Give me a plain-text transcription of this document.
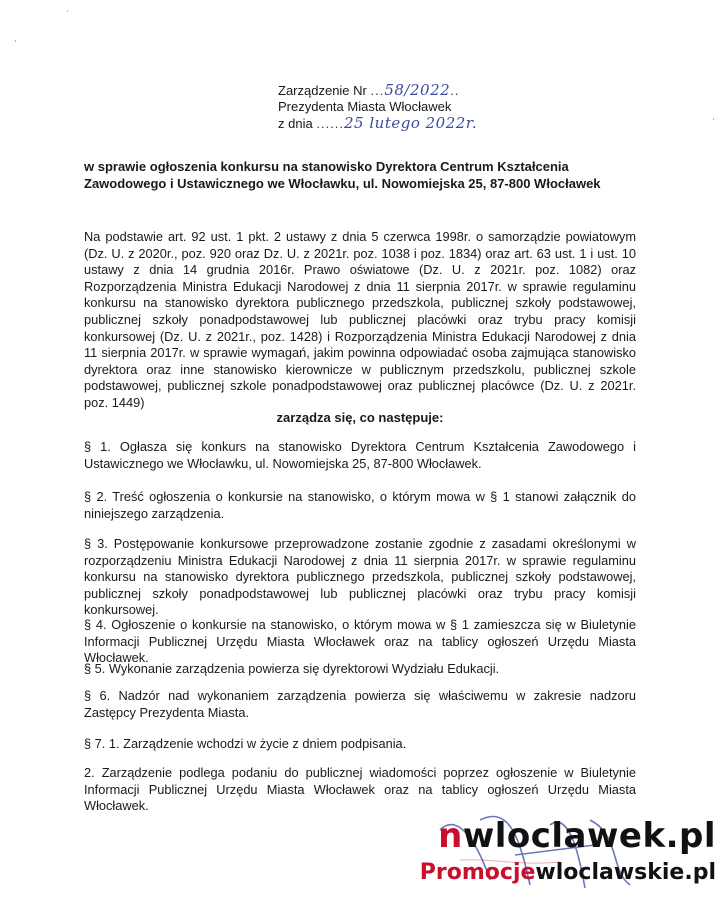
ˎ
ˈ
ˈ
Zarządzenie Nr ...58/2022..
Prezydenta Miasta Włocławek
z dnia ......25 lutego 2022r.
w sprawie ogłoszenia konkursu na stanowisko Dyrektora Centrum Kształcenia Zawodowego i Ustawicznego we Włocławku, ul. Nowomiejska 25, 87-800 Włocławek
Na podstawie art. 92 ust. 1 pkt. 2 ustawy z dnia 5 czerwca 1998r. o samorządzie powiatowym (Dz. U. z 2020r., poz. 920 oraz Dz. U. z 2021r. poz. 1038 i poz. 1834) oraz art. 63 ust. 1 i ust. 10 ustawy z dnia 14 grudnia 2016r. Prawo oświatowe (Dz. U. z 2021r. poz. 1082) oraz Rozporządzenia Ministra Edukacji Narodowej z dnia 11 sierpnia 2017r. w sprawie regulaminu konkursu na stanowisko dyrektora publicznego przedszkola, publicznej szkoły podstawowej, publicznej szkoły ponadpodstawowej lub publicznej placówki oraz trybu pracy komisji konkursowej (Dz. U. z 2021r., poz. 1428) i Rozporządzenia Ministra Edukacji Narodowej z dnia 11 sierpnia 2017r. w sprawie wymagań, jakim powinna odpowiadać osoba zajmująca stanowisko dyrektora oraz inne stanowisko kierownicze w publicznym przedszkolu, publicznej szkole podstawowej, publicznej szkole ponadpodstawowej oraz publicznej placówce (Dz. U. z 2021r. poz. 1449)
zarządza się, co następuje:
§ 1. Ogłasza się konkurs na stanowisko Dyrektora Centrum Kształcenia Zawodowego i Ustawicznego we Włocławku, ul. Nowomiejska 25, 87-800 Włocławek.
§ 2. Treść ogłoszenia o konkursie na stanowisko, o którym mowa w § 1 stanowi załącznik do niniejszego zarządzenia.
§ 3. Postępowanie konkursowe przeprowadzone zostanie zgodnie z zasadami określonymi w rozporządzeniu Ministra Edukacji Narodowej z dnia 11 sierpnia 2017r. w sprawie regulaminu konkursu na stanowisko dyrektora publicznego przedszkola, publicznej szkoły podstawowej, publicznej szkoły ponadpodstawowej lub publicznej placówki oraz trybu pracy komisji konkursowej.
§ 4. Ogłoszenie o konkursie na stanowisko, o którym mowa w § 1 zamieszcza się w Biuletynie Informacji Publicznej Urzędu Miasta Włocławek oraz na tablicy ogłoszeń Urzędu Miasta Włocławek.
§ 5. Wykonanie zarządzenia powierza się dyrektorowi Wydziału Edukacji.
§ 6. Nadzór nad wykonaniem zarządzenia powierza się właściwemu w zakresie nadzoru Zastępcy Prezydenta Miasta.
§ 7. 1. Zarządzenie wchodzi w życie z dniem podpisania.
2. Zarządzenie podlega podaniu do publicznej wiadomości poprzez ogłoszenie w Biuletynie Informacji Publicznej Urzędu Miasta Włocławek oraz na tablicy ogłoszeń Urzędu Miasta Włocławek.
nwloclawek.pl
Promocjewloclawskie.pl
